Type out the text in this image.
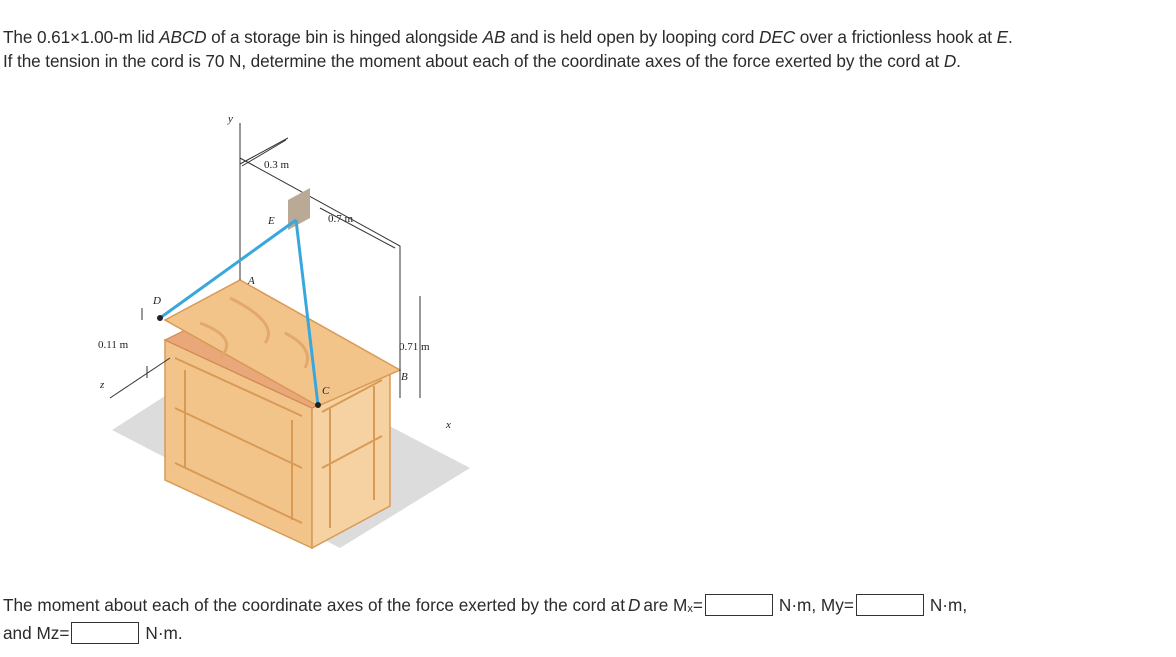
The 0.61×1.00-m lid ABCD of a storage bin is hinged alongside AB and is held open by looping cord DEC over a frictionless hook at E.

If the tension in the cord is 70 N, determine the moment about each of the coordinate axes of the force exerted by the cord at D.

y
0.3 m
E	0.7 m
A
D
0.11 m	0.71 m
B
C
z
x
The moment about each of the coordinate axes of the force exerted by the cord at D are M x =	N·m, My=	N·m,
and Mz=	N·m.
